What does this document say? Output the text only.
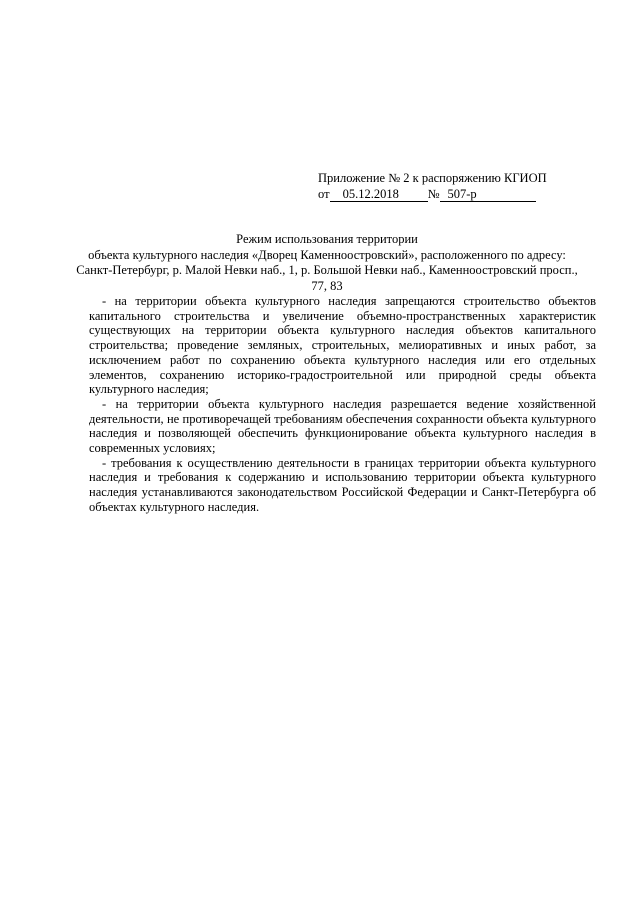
Приложение № 2 к распоряжению КГИОП
от 05.12.2018 № 507-р
Режим использования территории
объекта культурного наследия «Дворец Каменноостровский», расположенного по адресу:
Санкт-Петербург, р. Малой Невки наб., 1, р. Большой Невки наб., Каменноостровский просп.,
77, 83

- на территории объекта культурного наследия запрещаются строительство объектов капитального строительства и увеличение объемно-пространственных характеристик существующих на территории объекта культурного наследия объектов капитального строительства; проведение земляных, строительных, мелиоративных и иных работ, за исключением работ по сохранению объекта культурного наследия или его отдельных элементов, сохранению историко-градостроительной или природной среды объекта культурного наследия;

- на территории объекта культурного наследия разрешается ведение хозяйственной деятельности, не противоречащей требованиям обеспечения сохранности объекта культурного наследия и позволяющей обеспечить функционирование объекта культурного наследия в современных условиях;

- требования к осуществлению деятельности в границах территории объекта культурного наследия и требования к содержанию и использованию территории объекта культурного наследия устанавливаются законодательством Российской Федерации и Санкт-Петербурга об объектах культурного наследия.
